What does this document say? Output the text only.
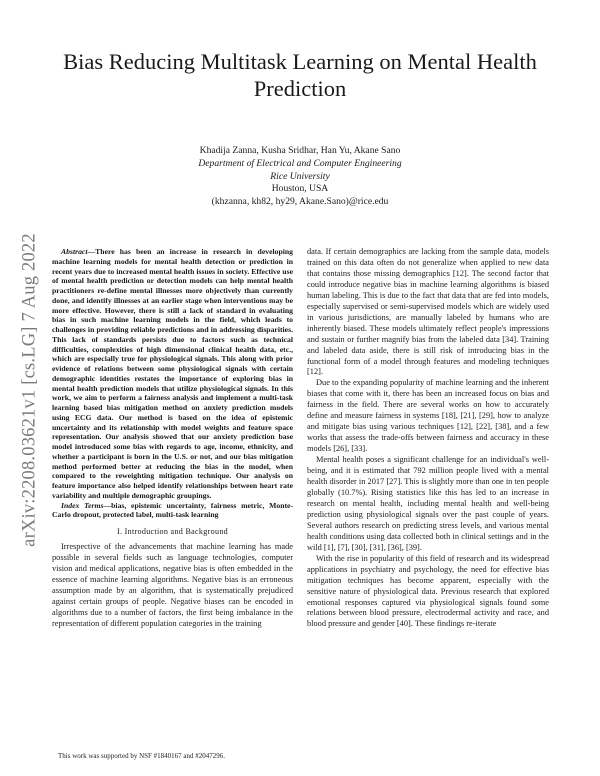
Bias Reducing Multitask Learning on Mental Health Prediction
Khadija Zanna, Kusha Sridhar, Han Yu, Akane Sano
Department of Electrical and Computer Engineering
Rice University
Houston, USA
(khzanna, kh82, hy29, Akane.Sano)@rice.edu
arXiv:2208.03621v1 [cs.LG] 7 Aug 2022	Abstract—There has been an increase in research in developing machine learning models for mental health detection or prediction in recent years due to increased mental health issues in society. Effective use of mental health prediction or detection models can help mental health practitioners re-define mental illnesses more objectively than currently done, and identify illnesses at an earlier stage when interventions may be more effective. However, there is still a lack of standard in evaluating bias in such machine learning models in the field, which leads to challenges in providing reliable predictions and in addressing disparities. This lack of standards persists due to factors such as technical difficulties, complexities of high dimensional clinical health data, etc., which are especially true for physiological signals. This along with prior evidence of relations between some physiological signals with certain demographic identities restates the importance of exploring bias in mental health prediction models that utilize physiological signals. In this work, we aim to perform a fairness analysis and implement a multi-task learning based bias mitigation method on anxiety prediction models using ECG data. Our method is based on the idea of epistemic uncertainty and its relationship with model weights and feature space representation. Our analysis showed that our anxiety prediction base model introduced some bias with regards to age, income, ethnicity, and whether a participant is born in the U.S. or not, and our bias mitigation method performed better at reducing the bias in the model, when compared to the reweighting mitigation technique. Our analysis on feature importance also helped identify relationships between heart rate variability and multiple demographic groupings.

Index Terms—bias, epistemic uncertainty, fairness metric, Monte-Carlo dropout, protected label, multi-task learning

I. Introduction and Background

Irrespective of the advancements that machine learning has made possible in several fields such as language technologies, computer vision and medical applications, negative bias is often embedded in the essence of machine learning algorithms. Negative bias is an erroneous assumption made by an algorithm, that is systematically prejudiced against certain groups of people. Negative biases can be encoded in algorithms due to a number of factors, the first being imbalance in the representation of different population categories in the training

data. If certain demographics are lacking from the sample data, models trained on this data often do not generalize when applied to new data that contains those missing demographics [12]. The second factor that could introduce negative bias in machine learning algorithms is biased human labeling. This is due to the fact that data that are fed into models, especially supervised or semi-supervised models which are widely used in various jurisdictions, are manually labeled by humans who are inherently biased. These models ultimately reflect people's impressions and sustain or further magnify bias from the labeled data [34]. Training and labeled data aside, there is still risk of introducing bias in the functional form of a model through features and modeling techniques [12].

Due to the expanding popularity of machine learning and the inherent biases that come with it, there has been an increased focus on bias and fairness in the field. There are several works on how to accurately define and measure fairness in systems [18], [21], [29], how to analyze and mitigate bias using various techniques [12], [22], [38], and a few works that assess the trade-offs between fairness and accuracy in these models [26], [33].

Mental health poses a significant challenge for an individual's well-being, and it is estimated that 792 million people lived with a mental health disorder in 2017 [27]. This is slightly more than one in ten people globally (10.7%). Rising statistics like this has led to an increase in research on mental health, including mental health and well-being prediction using physiological signals over the past couple of years. Several authors research on predicting stress levels, and various mental health conditions using data collected both in clinical settings and in the wild [1], [7], [30], [31], [36], [39].

With the rise in popularity of this field of research and its widespread applications in psychiatry and psychology, the need for effective bias mitigation techniques has become apparent, especially with the sensitive nature of physiological data. Previous research that explored emotional responses captured via physiological signals found some relations between blood pressure, electrodermal activity and race, and blood pressure and gender [40]. These findings re-iterate

This work was supported by NSF #1840167 and #2047296.
